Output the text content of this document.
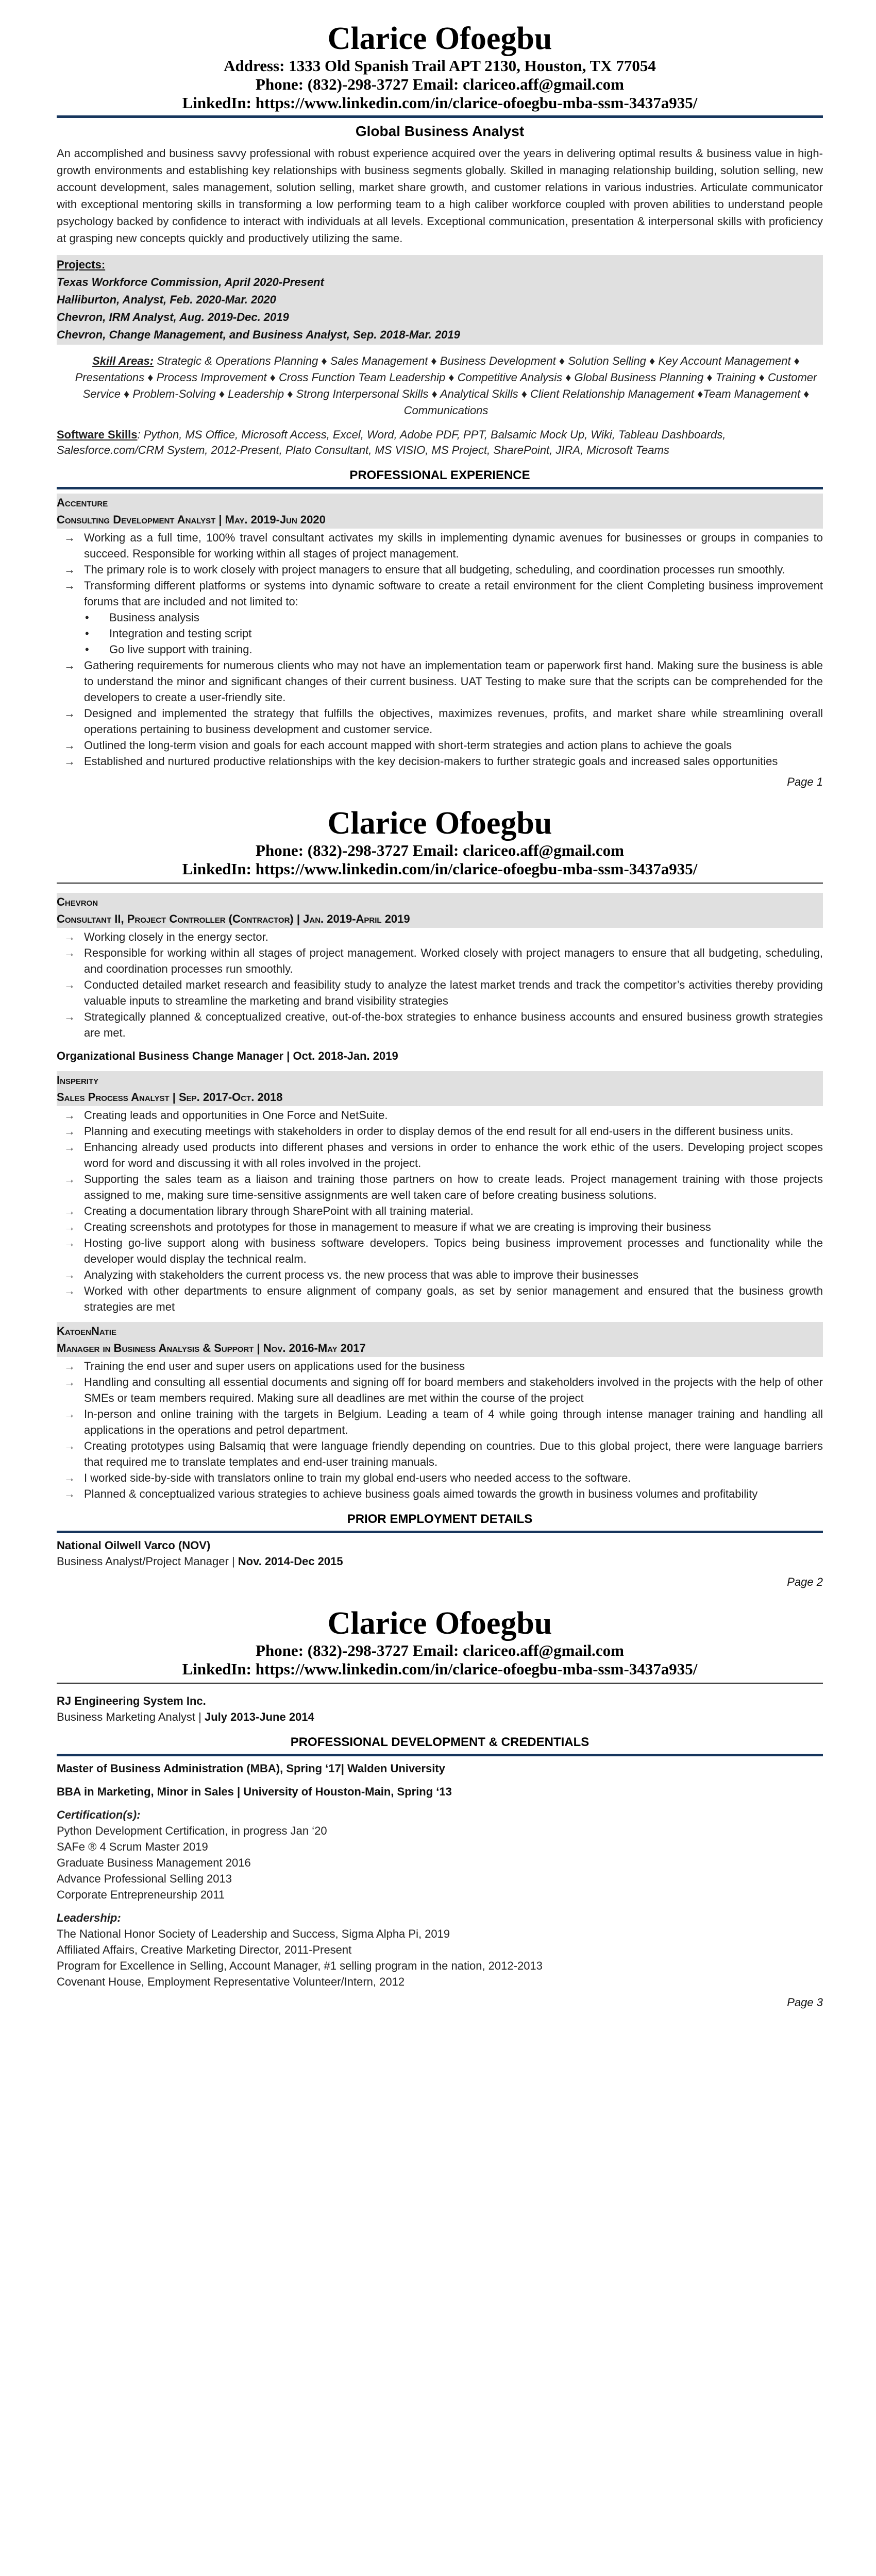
Clarice Ofoegbu
Address: 1333 Old Spanish Trail APT 2130, Houston, TX 77054
Phone: (832)-298-3727 Email: clariceo.aff@gmail.com
LinkedIn: https://www.linkedin.com/in/clarice-ofoegbu-mba-ssm-3437a935/
Global Business Analyst
An accomplished and business savvy professional with robust experience acquired over the years in delivering optimal results & business value in high-growth environments and establishing key relationships with business segments globally. Skilled in managing relationship building, solution selling, new account development, sales management, solution selling, market share growth, and customer relations in various industries. Articulate communicator with exceptional mentoring skills in transforming a low performing team to a high caliber workforce coupled with proven abilities to understand people psychology backed by confidence to interact with individuals at all levels. Exceptional communication, presentation & interpersonal skills with proficiency at grasping new concepts quickly and productively utilizing the same.
Projects:
Texas Workforce Commission, April 2020-Present
Halliburton, Analyst, Feb. 2020-Mar. 2020
Chevron, IRM Analyst, Aug. 2019-Dec. 2019
Chevron, Change Management, and Business Analyst, Sep. 2018-Mar. 2019
Skill Areas: Strategic & Operations Planning ♦ Sales Management ♦ Business Development ♦ Solution Selling ♦ Key Account Management ♦ Presentations ♦ Process Improvement ♦ Cross Function Team Leadership ♦ Competitive Analysis ♦ Global Business Planning ♦ Training ♦ Customer Service ♦ Problem-Solving ♦ Leadership ♦ Strong Interpersonal Skills ♦ Analytical Skills ♦ Client Relationship Management ♦Team Management ♦ Communications
Software Skills: Python, MS Office, Microsoft Access, Excel, Word, Adobe PDF, PPT, Balsamic Mock Up, Wiki, Tableau Dashboards, Salesforce.com/CRM System, 2012-Present, Plato Consultant, MS VISIO, MS Project, SharePoint, JIRA, Microsoft Teams
PROFESSIONAL EXPERIENCE
Accenture
Consulting Development Analyst | May. 2019-Jun 2020
→ Working as a full time, 100% travel consultant activates my skills in implementing dynamic avenues for businesses or groups in companies to succeed. Responsible for working within all stages of project management.
→ The primary role is to work closely with project managers to ensure that all budgeting, scheduling, and coordination processes run smoothly.
→ Transforming different platforms or systems into dynamic software to create a retail environment for the client Completing business improvement forums that are included and not limited to:
• Business analysis
• Integration and testing script
• Go live support with training.
→ Gathering requirements for numerous clients who may not have an implementation team or paperwork first hand. Making sure the business is able to understand the minor and significant changes of their current business. UAT Testing to make sure that the scripts can be comprehended for the developers to create a user-friendly site.
→ Designed and implemented the strategy that fulfills the objectives, maximizes revenues, profits, and market share while streamlining overall operations pertaining to business development and customer service.
→ Outlined the long-term vision and goals for each account mapped with short-term strategies and action plans to achieve the goals
→ Established and nurtured productive relationships with the key decision-makers to further strategic goals and increased sales opportunities
Page 1
Clarice Ofoegbu
Phone: (832)-298-3727 Email: clariceo.aff@gmail.com
LinkedIn: https://www.linkedin.com/in/clarice-ofoegbu-mba-ssm-3437a935/
Chevron
Consultant II, Project Controller (Contractor) | Jan. 2019-April 2019
→ Working closely in the energy sector.
→ Responsible for working within all stages of project management. Worked closely with project managers to ensure that all budgeting, scheduling, and coordination processes run smoothly.
→ Conducted detailed market research and feasibility study to analyze the latest market trends and track the competitor’s activities thereby providing valuable inputs to streamline the marketing and brand visibility strategies
→ Strategically planned & conceptualized creative, out-of-the-box strategies to enhance business accounts and ensured business growth strategies are met.
Organizational Business Change Manager | Oct. 2018-Jan. 2019
Insperity
Sales Process Analyst | Sep. 2017-Oct. 2018
→ Creating leads and opportunities in One Force and NetSuite.
→ Planning and executing meetings with stakeholders in order to display demos of the end result for all end-users in the different business units.
→ Enhancing already used products into different phases and versions in order to enhance the work ethic of the users. Developing project scopes word for word and discussing it with all roles involved in the project.
→ Supporting the sales team as a liaison and training those partners on how to create leads. Project management training with those projects assigned to me, making sure time-sensitive assignments are well taken care of before creating business solutions.
→ Creating a documentation library through SharePoint with all training material.
→ Creating screenshots and prototypes for those in management to measure if what we are creating is improving their business
→ Hosting go-live support along with business software developers. Topics being business improvement processes and functionality while the developer would display the technical realm.
→ Analyzing with stakeholders the current process vs. the new process that was able to improve their businesses
→ Worked with other departments to ensure alignment of company goals, as set by senior management and ensured that the business growth strategies are met
KatoenNatie
Manager in Business Analysis & Support | Nov. 2016-May 2017
→ Training the end user and super users on applications used for the business
→ Handling and consulting all essential documents and signing off for board members and stakeholders involved in the projects with the help of other SMEs or team members required. Making sure all deadlines are met within the course of the project
→ In-person and online training with the targets in Belgium. Leading a team of 4 while going through intense manager training and handling all applications in the operations and petrol department.
→ Creating prototypes using Balsamiq that were language friendly depending on countries. Due to this global project, there were language barriers that required me to translate templates and end-user training manuals.
→ I worked side-by-side with translators online to train my global end-users who needed access to the software.
→ Planned & conceptualized various strategies to achieve business goals aimed towards the growth in business volumes and profitability
PRIOR EMPLOYMENT DETAILS
National Oilwell Varco (NOV)
Business Analyst/Project Manager | Nov. 2014-Dec 2015
Page 2
Clarice Ofoegbu
Phone: (832)-298-3727 Email: clariceo.aff@gmail.com
LinkedIn: https://www.linkedin.com/in/clarice-ofoegbu-mba-ssm-3437a935/
RJ Engineering System Inc.
Business Marketing Analyst | July 2013-June 2014
PROFESSIONAL DEVELOPMENT & CREDENTIALS
Master of Business Administration (MBA), Spring ‘17| Walden University
BBA in Marketing, Minor in Sales | University of Houston-Main, Spring ‘13
Certification(s):
Python Development Certification, in progress Jan ‘20
SAFe ® 4 Scrum Master 2019
Graduate Business Management 2016
Advance Professional Selling 2013
Corporate Entrepreneurship 2011
Leadership:
The National Honor Society of Leadership and Success, Sigma Alpha Pi, 2019
Affiliated Affairs, Creative Marketing Director, 2011-Present
Program for Excellence in Selling, Account Manager, #1 selling program in the nation, 2012-2013
Covenant House, Employment Representative Volunteer/Intern, 2012
Page 3
